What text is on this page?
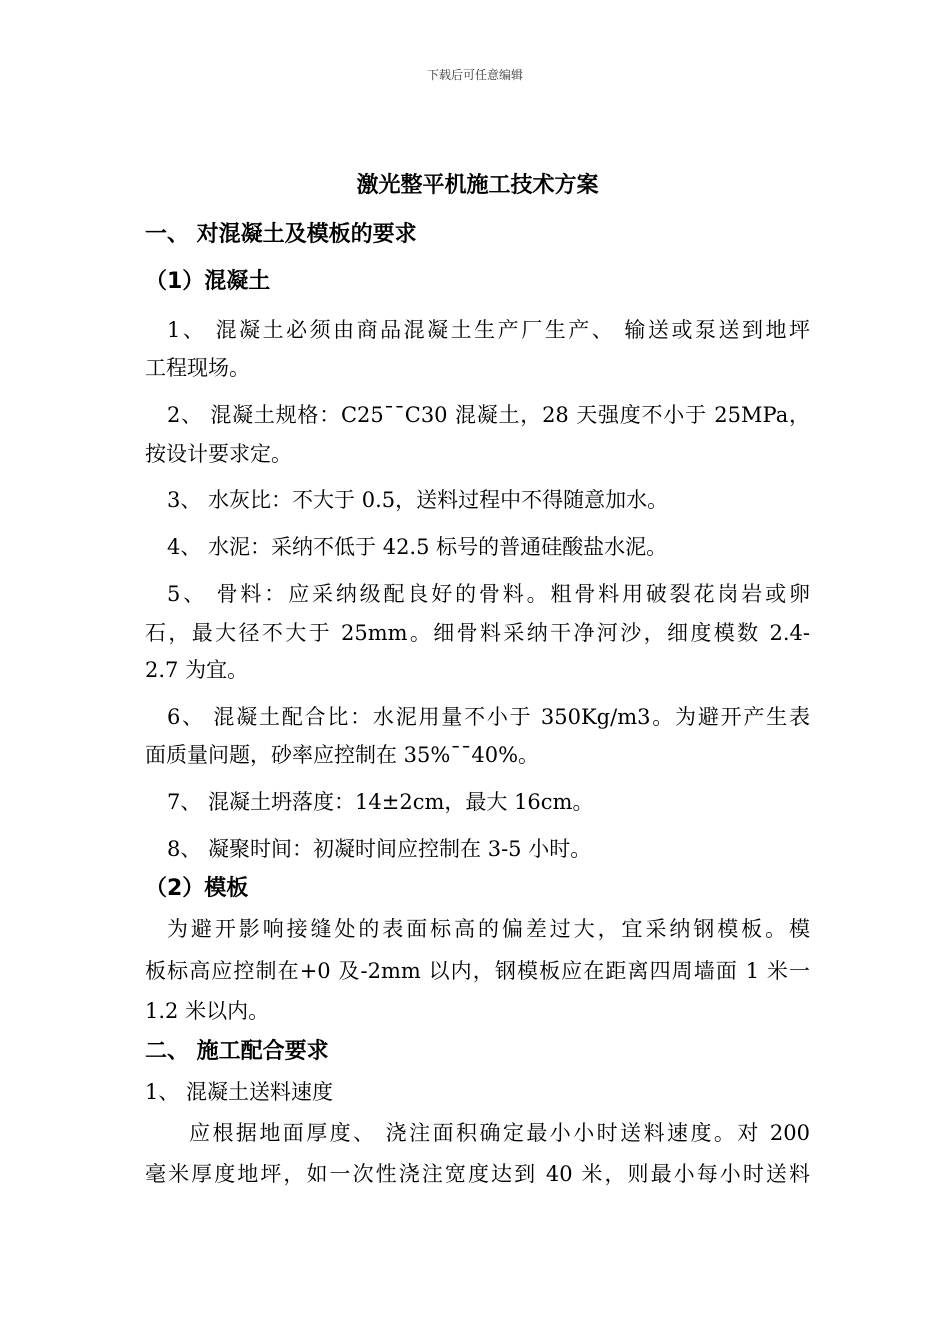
下载后可任意编辑
激光整平机施工技术方案
一、 对混凝土及模板的要求
（1）混凝土
1、 混凝土必须由商品混凝土生产厂生产、 输送或泵送到地坪
工程现场。
2、 混凝土规格：C25¯¯C30 混凝土，28 天强度不小于 25MPa，
按设计要求定。
3、 水灰比：不大于 0.5，送料过程中不得随意加水。
4、 水泥：采纳不低于 42.5 标号的普通硅酸盐水泥。
5、 骨料：应采纳级配良好的骨料。粗骨料用破裂花岗岩或卵
石，最大径不大于 25mm。细骨料采纳干净河沙，细度模数 2.4-
2.7 为宜。
6、 混凝土配合比：水泥用量不小于 350Kg/m3。为避开产生表
面质量问题，砂率应控制在 35%¯¯40%。
7、 混凝土坍落度：14±2cm，最大 16cm。
8、 凝聚时间：初凝时间应控制在 3-5 小时。
（2）模板
为避开影响接缝处的表面标高的偏差过大，宜采纳钢模板。模
板标高应控制在+0 及-2mm 以内，钢模板应在距离四周墙面 1 米一
1.2 米以内。
二、 施工配合要求
1、 混凝土送料速度
应根据地面厚度、 浇注面积确定最小小时送料速度。对 200
毫米厚度地坪，如一次性浇注宽度达到 40 米，则最小每小时送料
